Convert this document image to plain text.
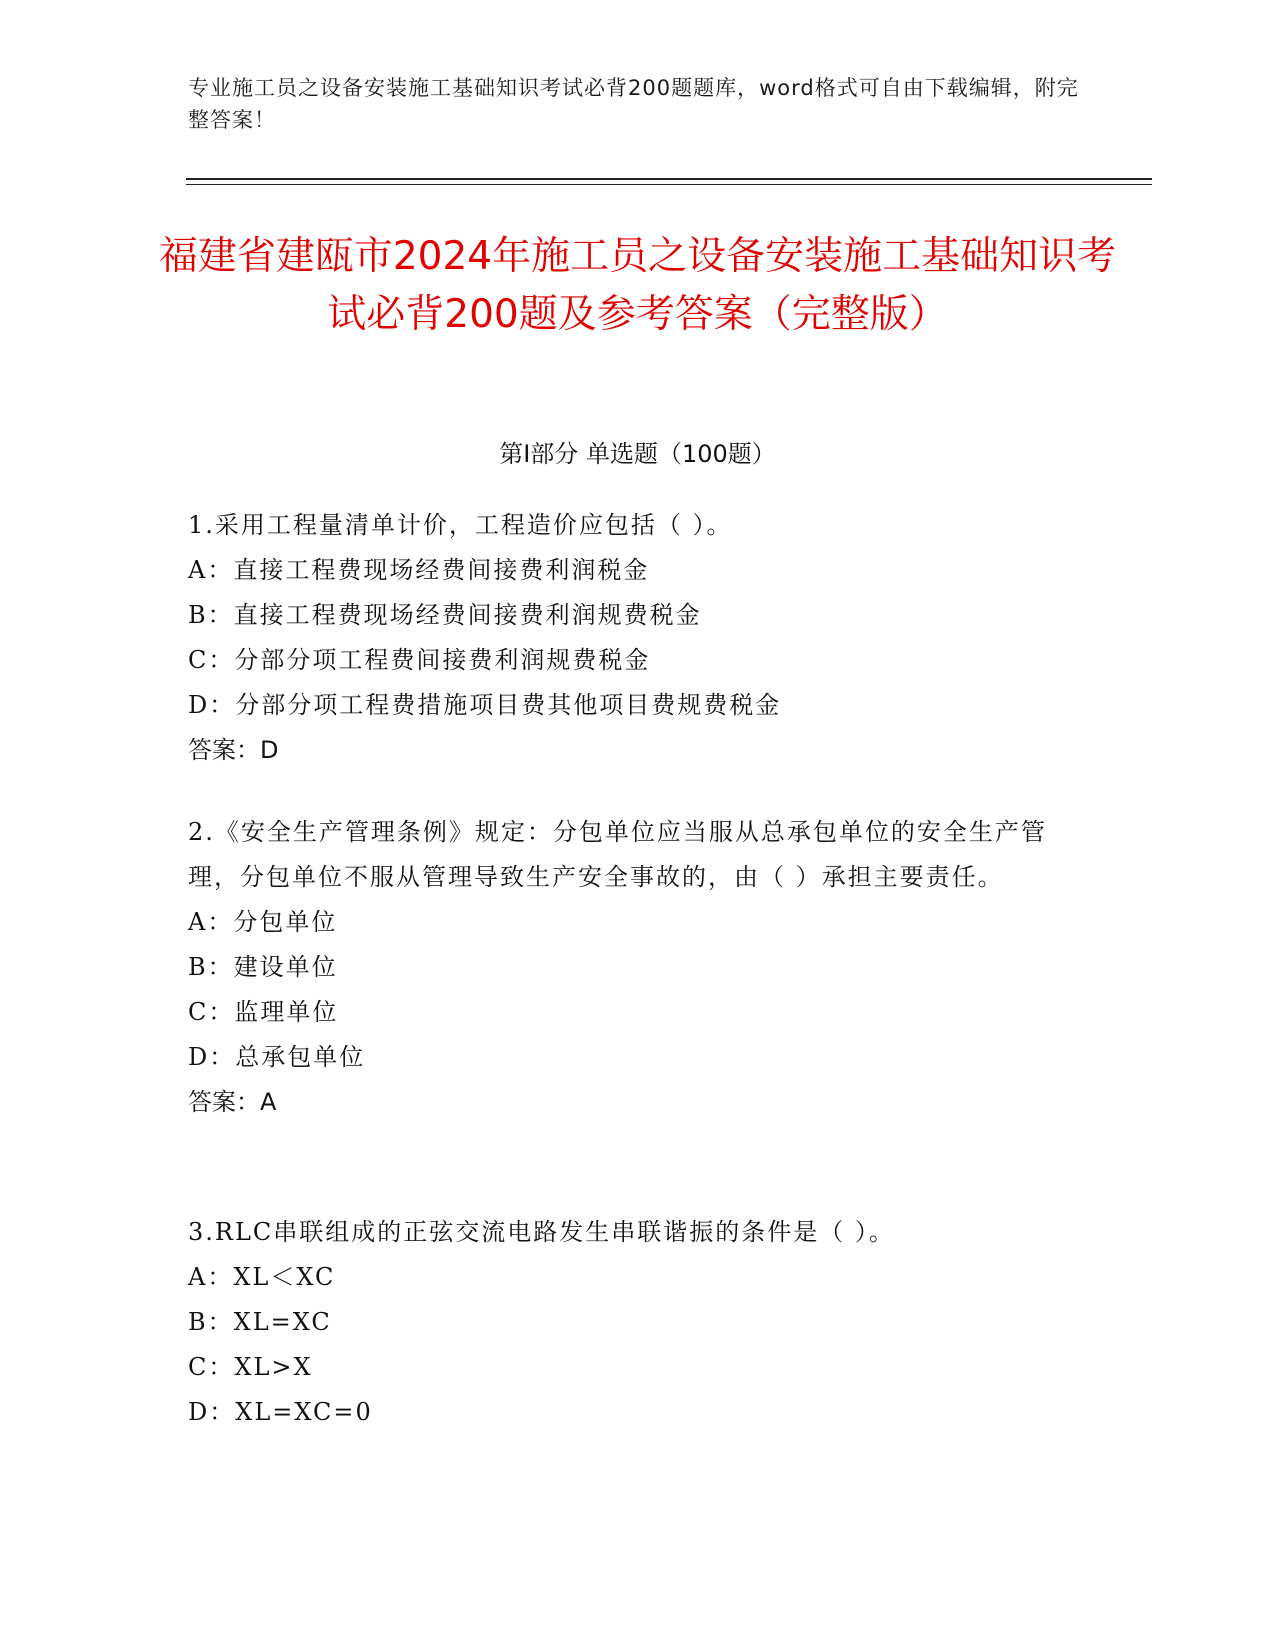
专业施工员之设备安装施工基础知识考试必背200题题库，word格式可自由下载编辑，附完整答案！
福建省建瓯市2024年施工员之设备安装施工基础知识考试必背200题及参考答案（完整版）
第I部分 单选题（100题）
1.采用工程量清单计价，工程造价应包括（ ）。
A：直接工程费现场经费间接费利润税金
B：直接工程费现场经费间接费利润规费税金
C：分部分项工程费间接费利润规费税金
D：分部分项工程费措施项目费其他项目费规费税金
答案：D
2.《安全生产管理条例》规定：分包单位应当服从总承包单位的安全生产管理，分包单位不服从管理导致生产安全事故的，由（ ）承担主要责任。
A：分包单位
B：建设单位
C：监理单位
D：总承包单位
答案：A
3.RLC串联组成的正弦交流电路发生串联谐振的条件是（ ）。
A：XL＜XC
B：XL=XC
C：XL>X
D：XL=XC=0
